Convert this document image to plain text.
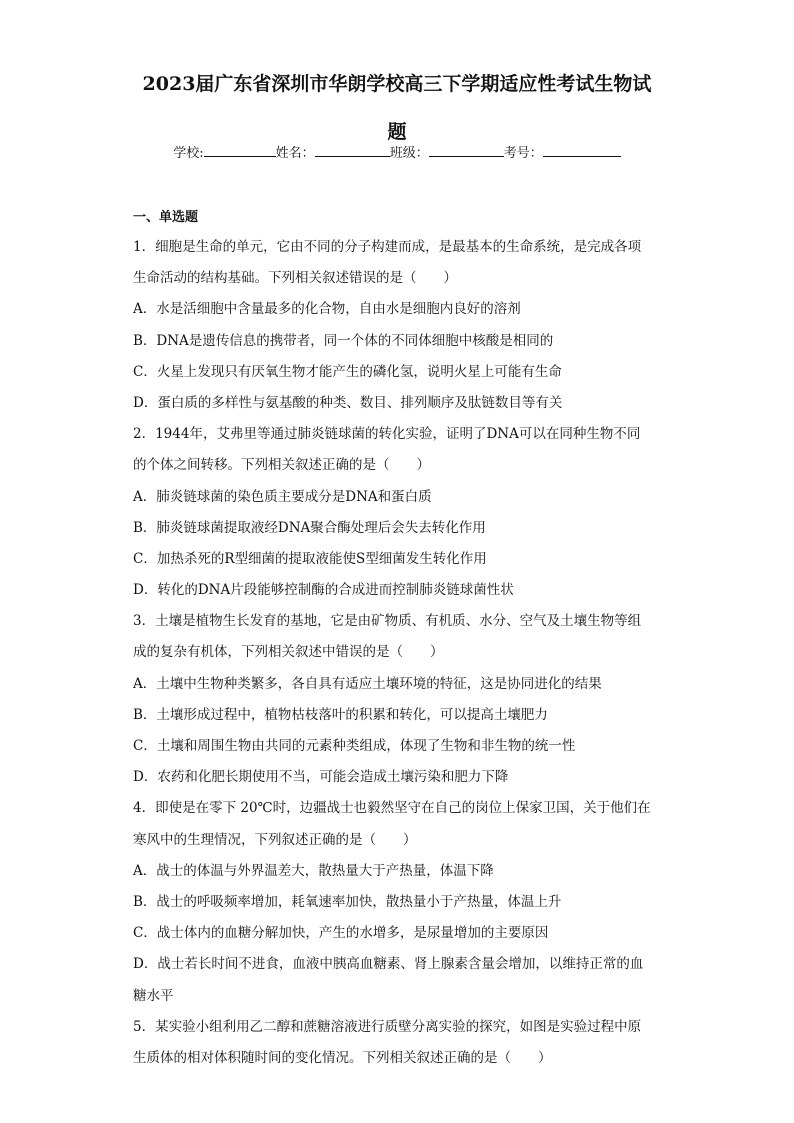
2023届广东省深圳市华朗学校高三下学期适应性考试生物试
题
学校:	姓名：	班级：	考号：
一、单选题
1．细胞是生命的单元，它由不同的分子构建而成，是最基本的生命系统，是完成各项
生命活动的结构基础。下列相关叙述错误的是（　　）
A．水是活细胞中含量最多的化合物，自由水是细胞内良好的溶剂
B．DNA是遗传信息的携带者，同一个体的不同体细胞中核酸是相同的
C．火星上发现只有厌氧生物才能产生的磷化氢，说明火星上可能有生命
D．蛋白质的多样性与氨基酸的种类、数目、排列顺序及肽链数目等有关
2．1944年，艾弗里等通过肺炎链球菌的转化实验，证明了DNA可以在同种生物不同
的个体之间转移。下列相关叙述正确的是（　　）
A．肺炎链球菌的染色质主要成分是DNA和蛋白质
B．肺炎链球菌提取液经DNA聚合酶处理后会失去转化作用
C．加热杀死的R型细菌的提取液能使S型细菌发生转化作用
D．转化的DNA片段能够控制酶的合成进而控制肺炎链球菌性状
3．土壤是植物生长发育的基地，它是由矿物质、有机质、水分、空气及土壤生物等组
成的复杂有机体，下列相关叙述中错误的是（　　）
A．土壤中生物种类繁多，各自具有适应土壤环境的特征，这是协同进化的结果
B．土壤形成过程中，植物枯枝落叶的积累和转化，可以提高土壤肥力
C．土壤和周围生物由共同的元素种类组成，体现了生物和非生物的统一性
D．农药和化肥长期使用不当，可能会造成土壤污染和肥力下降
4．即使是在零下 20℃时，边疆战士也毅然坚守在自己的岗位上保家卫国，关于他们在
寒风中的生理情况，下列叙述正确的是（　　）
A．战士的体温与外界温差大，散热量大于产热量，体温下降
B．战士的呼吸频率增加，耗氧速率加快，散热量小于产热量，体温上升
C．战士体内的血糖分解加快，产生的水增多，是尿量增加的主要原因
D．战士若长时间不进食，血液中胰高血糖素、肾上腺素含量会增加，以维持正常的血
糖水平
5．某实验小组利用乙二醇和蔗糖溶液进行质壁分离实验的探究，如图是实验过程中原
生质体的相对体积随时间的变化情况。下列相关叙述正确的是（　　）
